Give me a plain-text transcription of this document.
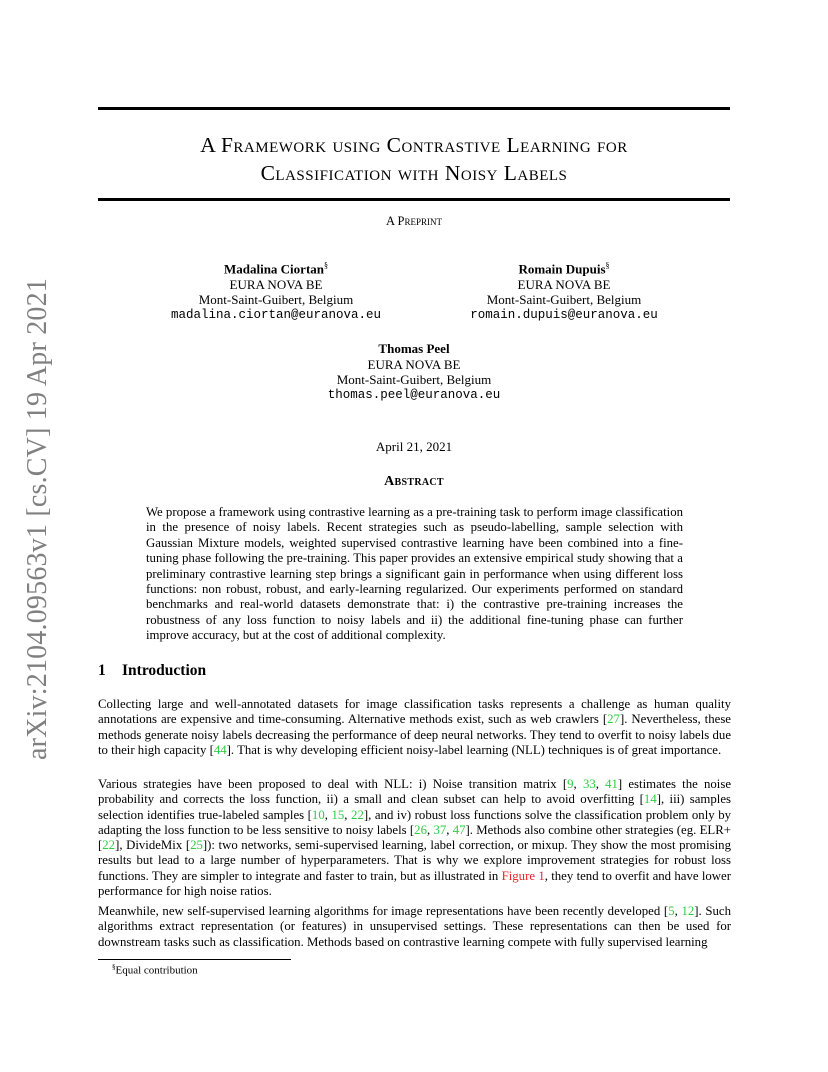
arXiv:2104.09563v1 [cs.CV] 19 Apr 2021
A Framework using Contrastive Learning for
Classification with Noisy Labels
A Preprint
Madalina Ciortan§
EURA NOVA BE
Mont-Saint-Guibert, Belgium
madalina.ciortan@euranova.eu
Romain Dupuis§
EURA NOVA BE
Mont-Saint-Guibert, Belgium
romain.dupuis@euranova.eu
Thomas Peel
EURA NOVA BE
Mont-Saint-Guibert, Belgium
thomas.peel@euranova.eu
April 21, 2021
Abstract
We propose a framework using contrastive learning as a pre-training task to perform image classification in the presence of noisy labels. Recent strategies such as pseudo-labelling, sample selection with Gaussian Mixture models, weighted supervised contrastive learning have been combined into a fine-tuning phase following the pre-training. This paper provides an extensive empirical study showing that a preliminary contrastive learning step brings a significant gain in performance when using different loss functions: non robust, robust, and early-learning regularized. Our experiments performed on standard benchmarks and real-world datasets demonstrate that: i) the contrastive pre-training increases the robustness of any loss function to noisy labels and ii) the additional fine-tuning phase can further improve accuracy, but at the cost of additional complexity.
1 Introduction
Collecting large and well-annotated datasets for image classification tasks represents a challenge as human quality annotations are expensive and time-consuming. Alternative methods exist, such as web crawlers [27]. Nevertheless, these methods generate noisy labels decreasing the performance of deep neural networks. They tend to overfit to noisy labels due to their high capacity [44]. That is why developing efficient noisy-label learning (NLL) techniques is of great importance.
Various strategies have been proposed to deal with NLL: i) Noise transition matrix [9, 33, 41] estimates the noise probability and corrects the loss function, ii) a small and clean subset can help to avoid overfitting [14], iii) samples selection identifies true-labeled samples [10, 15, 22], and iv) robust loss functions solve the classification problem only by adapting the loss function to be less sensitive to noisy labels [26, 37, 47]. Methods also combine other strategies (eg. ELR+ [22], DivideMix [25]): two networks, semi-supervised learning, label correction, or mixup. They show the most promising results but lead to a large number of hyperparameters. That is why we explore improvement strategies for robust loss functions. They are simpler to integrate and faster to train, but as illustrated in Figure 1, they tend to overfit and have lower performance for high noise ratios.
Meanwhile, new self-supervised learning algorithms for image representations have been recently developed [5, 12]. Such algorithms extract representation (or features) in unsupervised settings. These representations can then be used for downstream tasks such as classification. Methods based on contrastive learning compete with fully supervised learning
§Equal contribution
